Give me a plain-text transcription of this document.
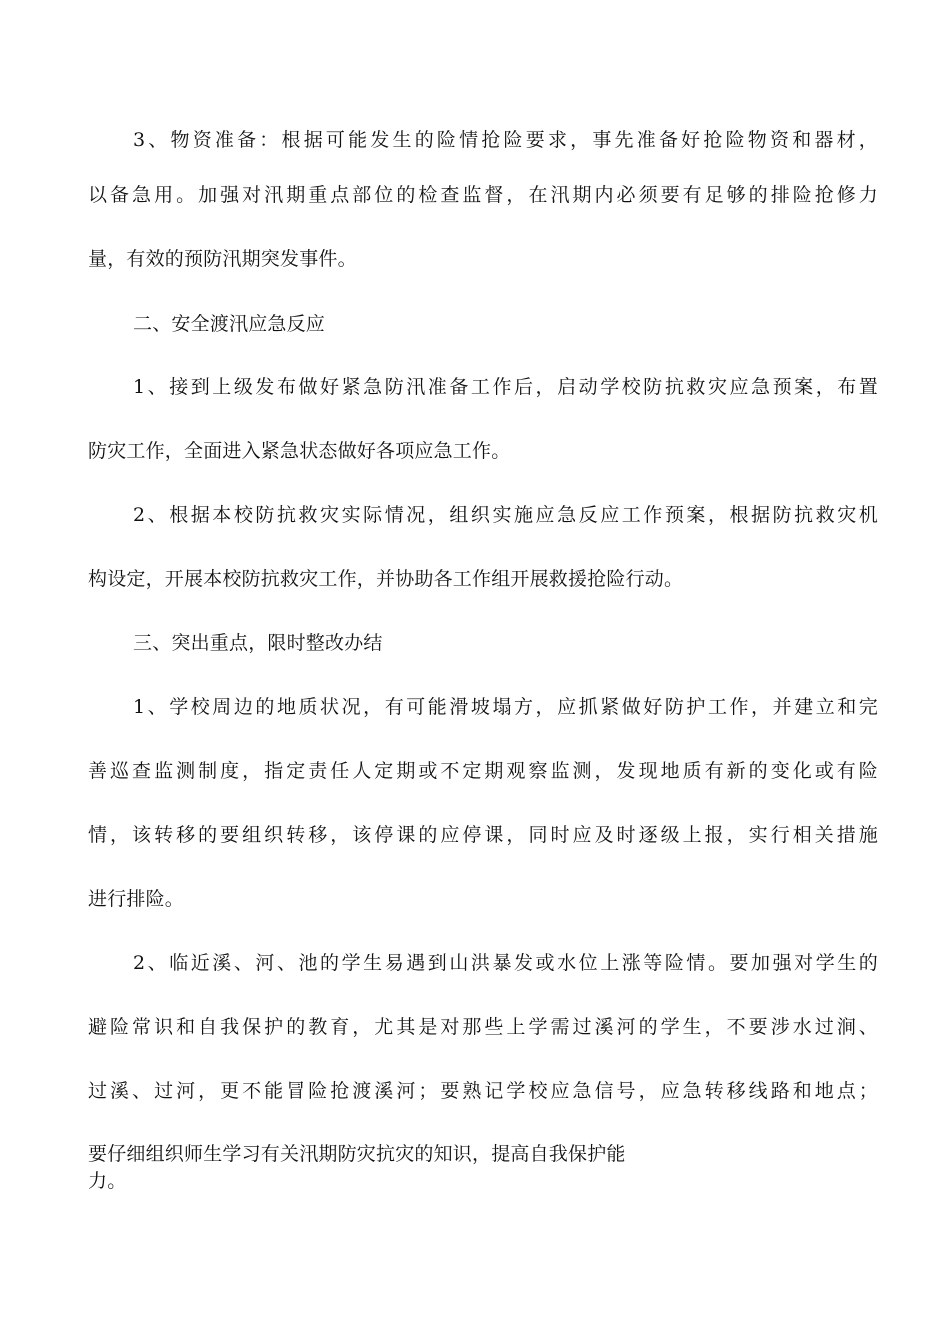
3、物资准备：根据可能发生的险情抢险要求，事先准备好抢险物资和器材，
以备急用。加强对汛期重点部位的检查监督，在汛期内必须要有足够的排险抢修力
量，有效的预防汛期突发事件。
二、安全渡汛应急反应
1、接到上级发布做好紧急防汛准备工作后，启动学校防抗救灾应急预案，布置
防灾工作，全面进入紧急状态做好各项应急工作。
2、根据本校防抗救灾实际情况，组织实施应急反应工作预案，根据防抗救灾机
构设定，开展本校防抗救灾工作，并协助各工作组开展救援抢险行动。
三、突出重点，限时整改办结
1、学校周边的地质状况，有可能滑坡塌方，应抓紧做好防护工作，并建立和完
善巡查监测制度，指定责任人定期或不定期观察监测，发现地质有新的变化或有险
情，该转移的要组织转移，该停课的应停课，同时应及时逐级上报，实行相关措施
进行排险。
2、临近溪、河、池的学生易遇到山洪暴发或水位上涨等险情。要加强对学生的
避险常识和自我保护的教育，尤其是对那些上学需过溪河的学生，不要涉水过涧、
过溪、过河，更不能冒险抢渡溪河；要熟记学校应急信号，应急转移线路和地点；
要仔细组织师生学习有关汛期防灾抗灾的知识，提高自我保护能
力。
